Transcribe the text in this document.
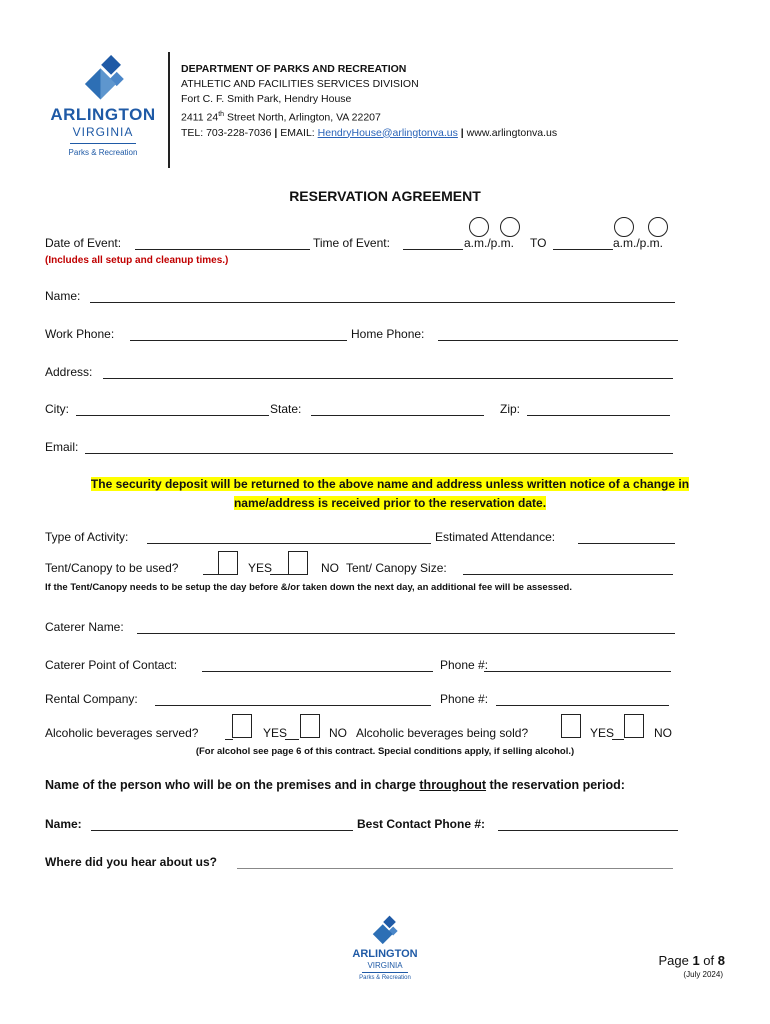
ARLINGTON
VIRGINIA
Parks & Recreation
DEPARTMENT OF PARKS AND RECREATION
ATHLETIC AND FACILITIES SERVICES DIVISION
Fort C. F. Smith Park, Hendry House
2411 24th Street North, Arlington, VA 22207
TEL: 703-228-7036 | EMAIL: HendryHouse@arlingtonva.us | www.arlingtonva.us
RESERVATION AGREEMENT
Date of Event:	Time of Event:	a.m./p.m. TO	a.m./p.m.
(Includes all setup and cleanup times.)
Name:
Work Phone:	Home Phone:
Address:
City:	State:	Zip:
Email:
The security deposit will be returned to the above name and address unless written notice of a change in
name/address is received prior to the reservation date.
Type of Activity:	Estimated Attendance:
Tent/Canopy to be used?	YES	NO Tent/ Canopy Size:
If the Tent/Canopy needs to be setup the day before &/or taken down the next day, an additional fee will be assessed.
Caterer Name:
Caterer Point of Contact:	Phone #:
Rental Company:	Phone #:
Alcoholic beverages served?	YES	NO Alcoholic beverages being sold?	YES	NO
(For alcohol see page 6 of this contract. Special conditions apply, if selling alcohol.)
Name of the person who will be on the premises and in charge throughout the reservation period:
Name:	Best Contact Phone #:
Where did you hear about us?
ARLINGTON
VIRGINIA
Parks & Recreation
Page 1 of 8
(July 2024)
